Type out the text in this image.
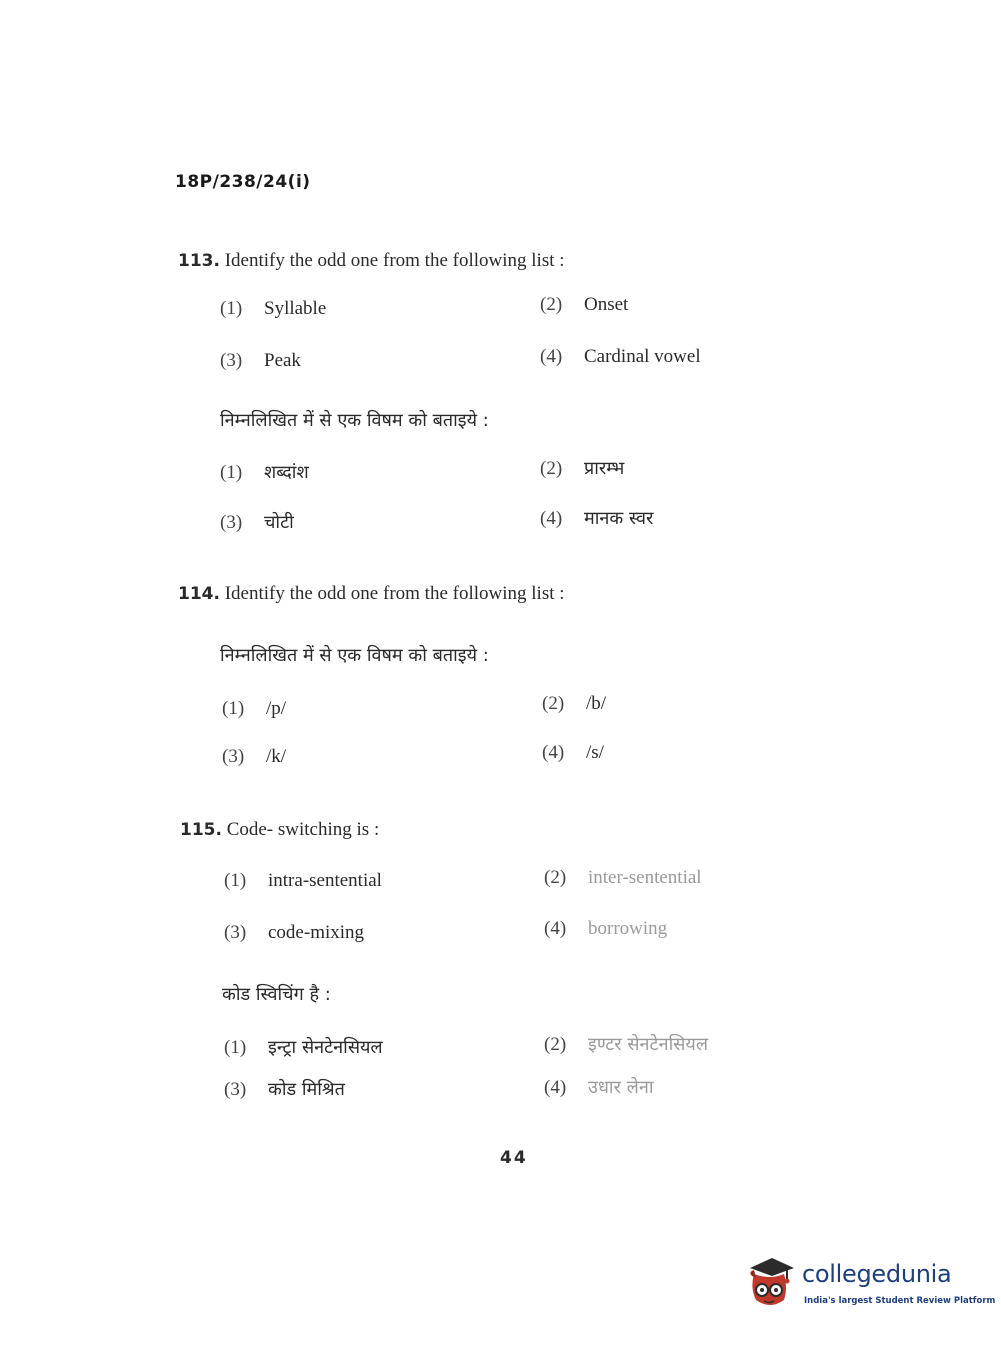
18P/238/24(i)
113. Identify the odd one from the following list :
(1) Syllable	(2) Onset
(3) Peak	(4) Cardinal vowel
निम्नलिखित में से एक विषम को बताइये :
(1) शब्दांश	(2) प्रारम्भ
(3) चोटी	(4) मानक स्वर
114. Identify the odd one from the following list :
निम्नलिखित में से एक विषम को बताइये :
(1) /p/	(2) /b/
(3) /k/	(4) /s/
115. Code- switching is :
(1) intra-sentential	(2) inter-sentential
(3) code-mixing	(4) borrowing
कोड स्विचिंग है :
(1) इन्ट्रा सेनटेनसियल	(2) इण्टर सेनटेनसियल
(3) कोड मिश्रित	(4) उधार लेना
44
collegedunia
India's largest Student Review Platform
